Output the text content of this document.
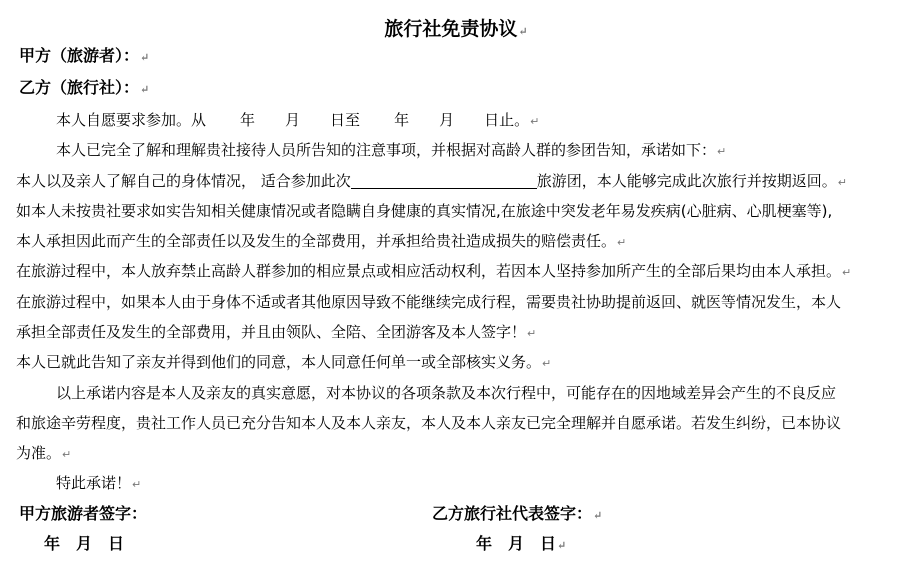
旅行社免责协议↵
甲方（旅游者）：↵
乙方（旅行社）：↵
本人自愿要求参加。从 年 月 日至 年 月 日止。↵
本人已完全了解和理解贵社接待人员所告知的注意事项，并根据对高龄人群的参团告知，承诺如下：↵
本人以及亲人了解自己的身体情况， 适合参加此次	旅游团，本人能够完成此次旅行并按期返回。↵
如本人未按贵社要求如实告知相关健康情况或者隐瞒自身健康的真实情况,在旅途中突发老年易发疾病(心脏病、心肌梗塞等),
本人承担因此而产生的全部责任以及发生的全部费用，并承担给贵社造成损失的赔偿责任。↵
在旅游过程中，本人放弃禁止高龄人群参加的相应景点或相应活动权利，若因本人坚持参加所产生的全部后果均由本人承担。↵
在旅游过程中，如果本人由于身体不适或者其他原因导致不能继续完成行程，需要贵社协助提前返回、就医等情况发生，本人
承担全部责任及发生的全部费用，并且由领队、全陪、全团游客及本人签字！↵
本人已就此告知了亲友并得到他们的同意，本人同意任何单一或全部核实义务。↵
以上承诺内容是本人及亲友的真实意愿，对本协议的各项条款及本次行程中，可能存在的因地域差异会产生的不良反应
和旅途辛劳程度，贵社工作人员已充分告知本人及本人亲友，本人及本人亲友已完全理解并自愿承诺。若发生纠纷，已本协议
为准。↵
特此承诺！↵
甲方旅游者签字：	乙方旅行社代表签字：↵
年 月 日	年 月 日↵
